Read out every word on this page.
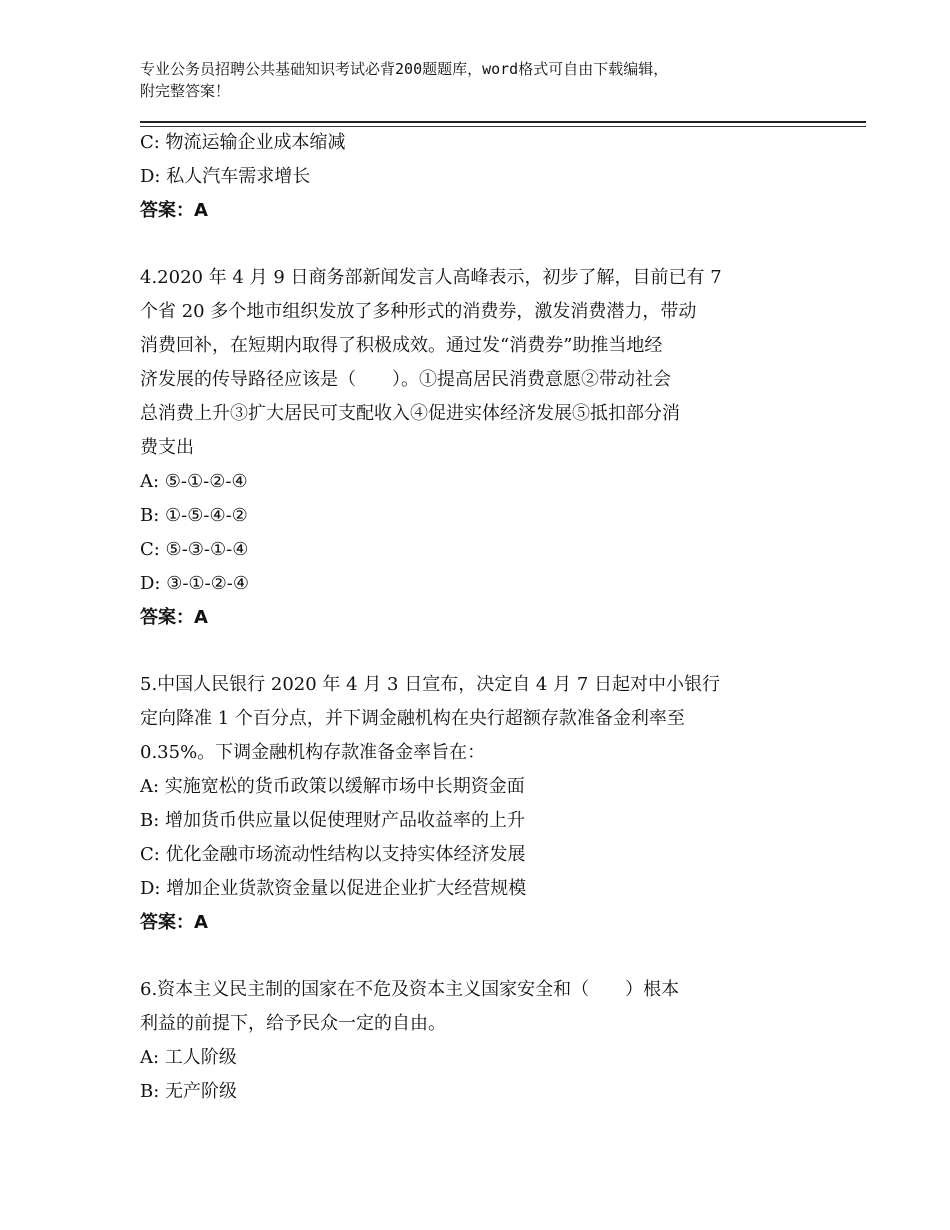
专业公务员招聘公共基础知识考试必背200题题库，word格式可自由下载编辑，
附完整答案！
C: 物流运输企业成本缩减
D: 私人汽车需求增长
答案：A
4.2020 年 4 月 9 日商务部新闻发言人高峰表示，初步了解，目前已有 7
个省 20 多个地市组织发放了多种形式的消费券，激发消费潜力，带动
消费回补，在短期内取得了积极成效。通过发“消费券”助推当地经
济发展的传导路径应该是（　　）。①提高居民消费意愿②带动社会
总消费上升③扩大居民可支配收入④促进实体经济发展⑤抵扣部分消
费支出
A: ⑤-①-②-④
B: ①-⑤-④-②
C: ⑤-③-①-④
D: ③-①-②-④
答案：A
5.中国人民银行 2020 年 4 月 3 日宣布，决定自 4 月 7 日起对中小银行
定向降准 1 个百分点，并下调金融机构在央行超额存款准备金利率至
0.35%。下调金融机构存款准备金率旨在：
A: 实施宽松的货币政策以缓解市场中长期资金面
B: 增加货币供应量以促使理财产品收益率的上升
C: 优化金融市场流动性结构以支持实体经济发展
D: 增加企业货款资金量以促进企业扩大经营规模
答案：A
6.资本主义民主制的国家在不危及资本主义国家安全和（　　）根本
利益的前提下，给予民众一定的自由。
A: 工人阶级
B: 无产阶级
